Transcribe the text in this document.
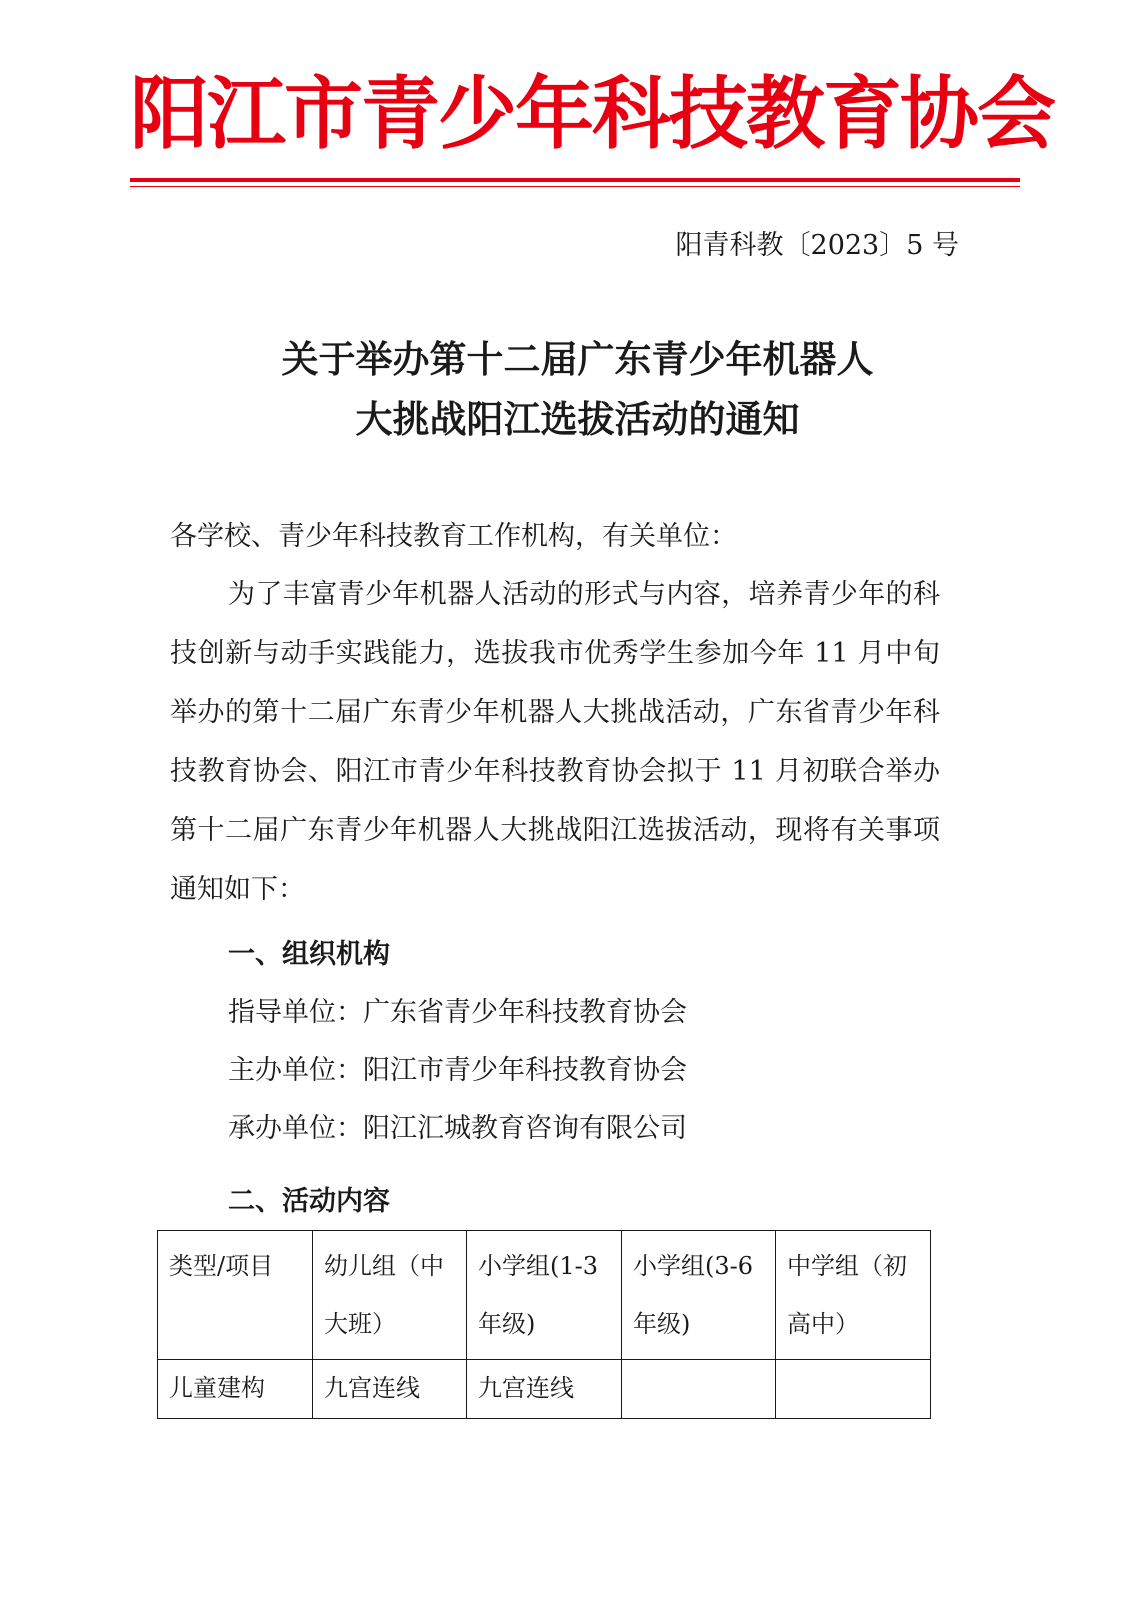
阳江市青少年科技教育协会
阳青科教〔2023〕5 号
关于举办第十二届广东青少年机器人
大挑战阳江选拔活动的通知
各学校、青少年科技教育工作机构，有关单位：
为了丰富青少年机器人活动的形式与内容，培养青少年的科技创新与动手实践能力，选拔我市优秀学生参加今年 11 月中旬举办的第十二届广东青少年机器人大挑战活动，广东省青少年科技教育协会、阳江市青少年科技教育协会拟于 11 月初联合举办第十二届广东青少年机器人大挑战阳江选拔活动，现将有关事项通知如下：
一、组织机构
指导单位：广东省青少年科技教育协会
主办单位：阳江市青少年科技教育协会
承办单位：阳江汇城教育咨询有限公司
二、活动内容
类型/项目	幼儿组（中大班）	小学组(1-3 年级)	小学组(3-6 年级)	中学组（初高中）
儿童建构	九宫连线	九宫连线		
